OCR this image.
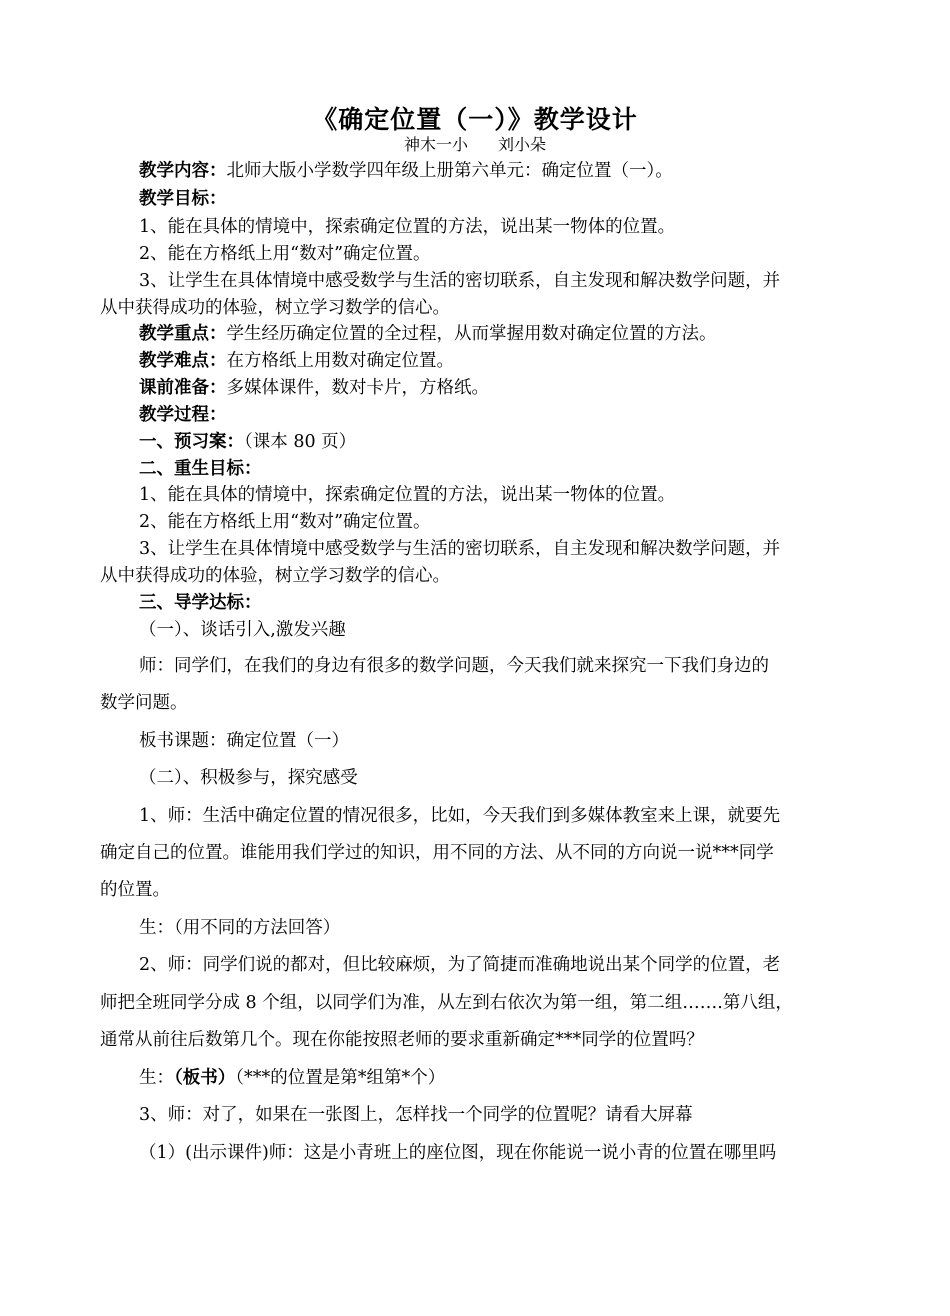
《确定位置（一）》教学设计
神木一小 刘小朵
教学内容：北师大版小学数学四年级上册第六单元：确定位置（一）。
教学目标：
1、能在具体的情境中，探索确定位置的方法，说出某一物体的位置。
2、能在方格纸上用“数对”确定位置。
3、让学生在具体情境中感受数学与生活的密切联系，自主发现和解决数学问题，并
从中获得成功的体验，树立学习数学的信心。
教学重点：学生经历确定位置的全过程，从而掌握用数对确定位置的方法。
教学难点：在方格纸上用数对确定位置。
课前准备：多媒体课件，数对卡片，方格纸。
教学过程：
一、预习案：（课本 80 页）
二、重生目标：
1、能在具体的情境中，探索确定位置的方法，说出某一物体的位置。
2、能在方格纸上用“数对”确定位置。
3、让学生在具体情境中感受数学与生活的密切联系，自主发现和解决数学问题，并
从中获得成功的体验，树立学习数学的信心。
三、导学达标：
（一）、谈话引入,激发兴趣
师：同学们，在我们的身边有很多的数学问题，今天我们就来探究一下我们身边的
数学问题。
板书课题：确定位置（一）
（二）、积极参与，探究感受
1、师：生活中确定位置的情况很多，比如，今天我们到多媒体教室来上课，就要先
确定自己的位置。谁能用我们学过的知识，用不同的方法、从不同的方向说一说***同学
的位置。
生：（用不同的方法回答）
2、师：同学们说的都对，但比较麻烦，为了简捷而准确地说出某个同学的位置，老
师把全班同学分成 8 个组，以同学们为准，从左到右依次为第一组，第二组…….第八组，
通常从前往后数第几个。现在你能按照老师的要求重新确定***同学的位置吗？
生：（板书）（***的位置是第*组第*个）
3、师：对了，如果在一张图上，怎样找一个同学的位置呢？请看大屏幕
（1）(出示课件)师：这是小青班上的座位图，现在你能说一说小青的位置在哪里吗
